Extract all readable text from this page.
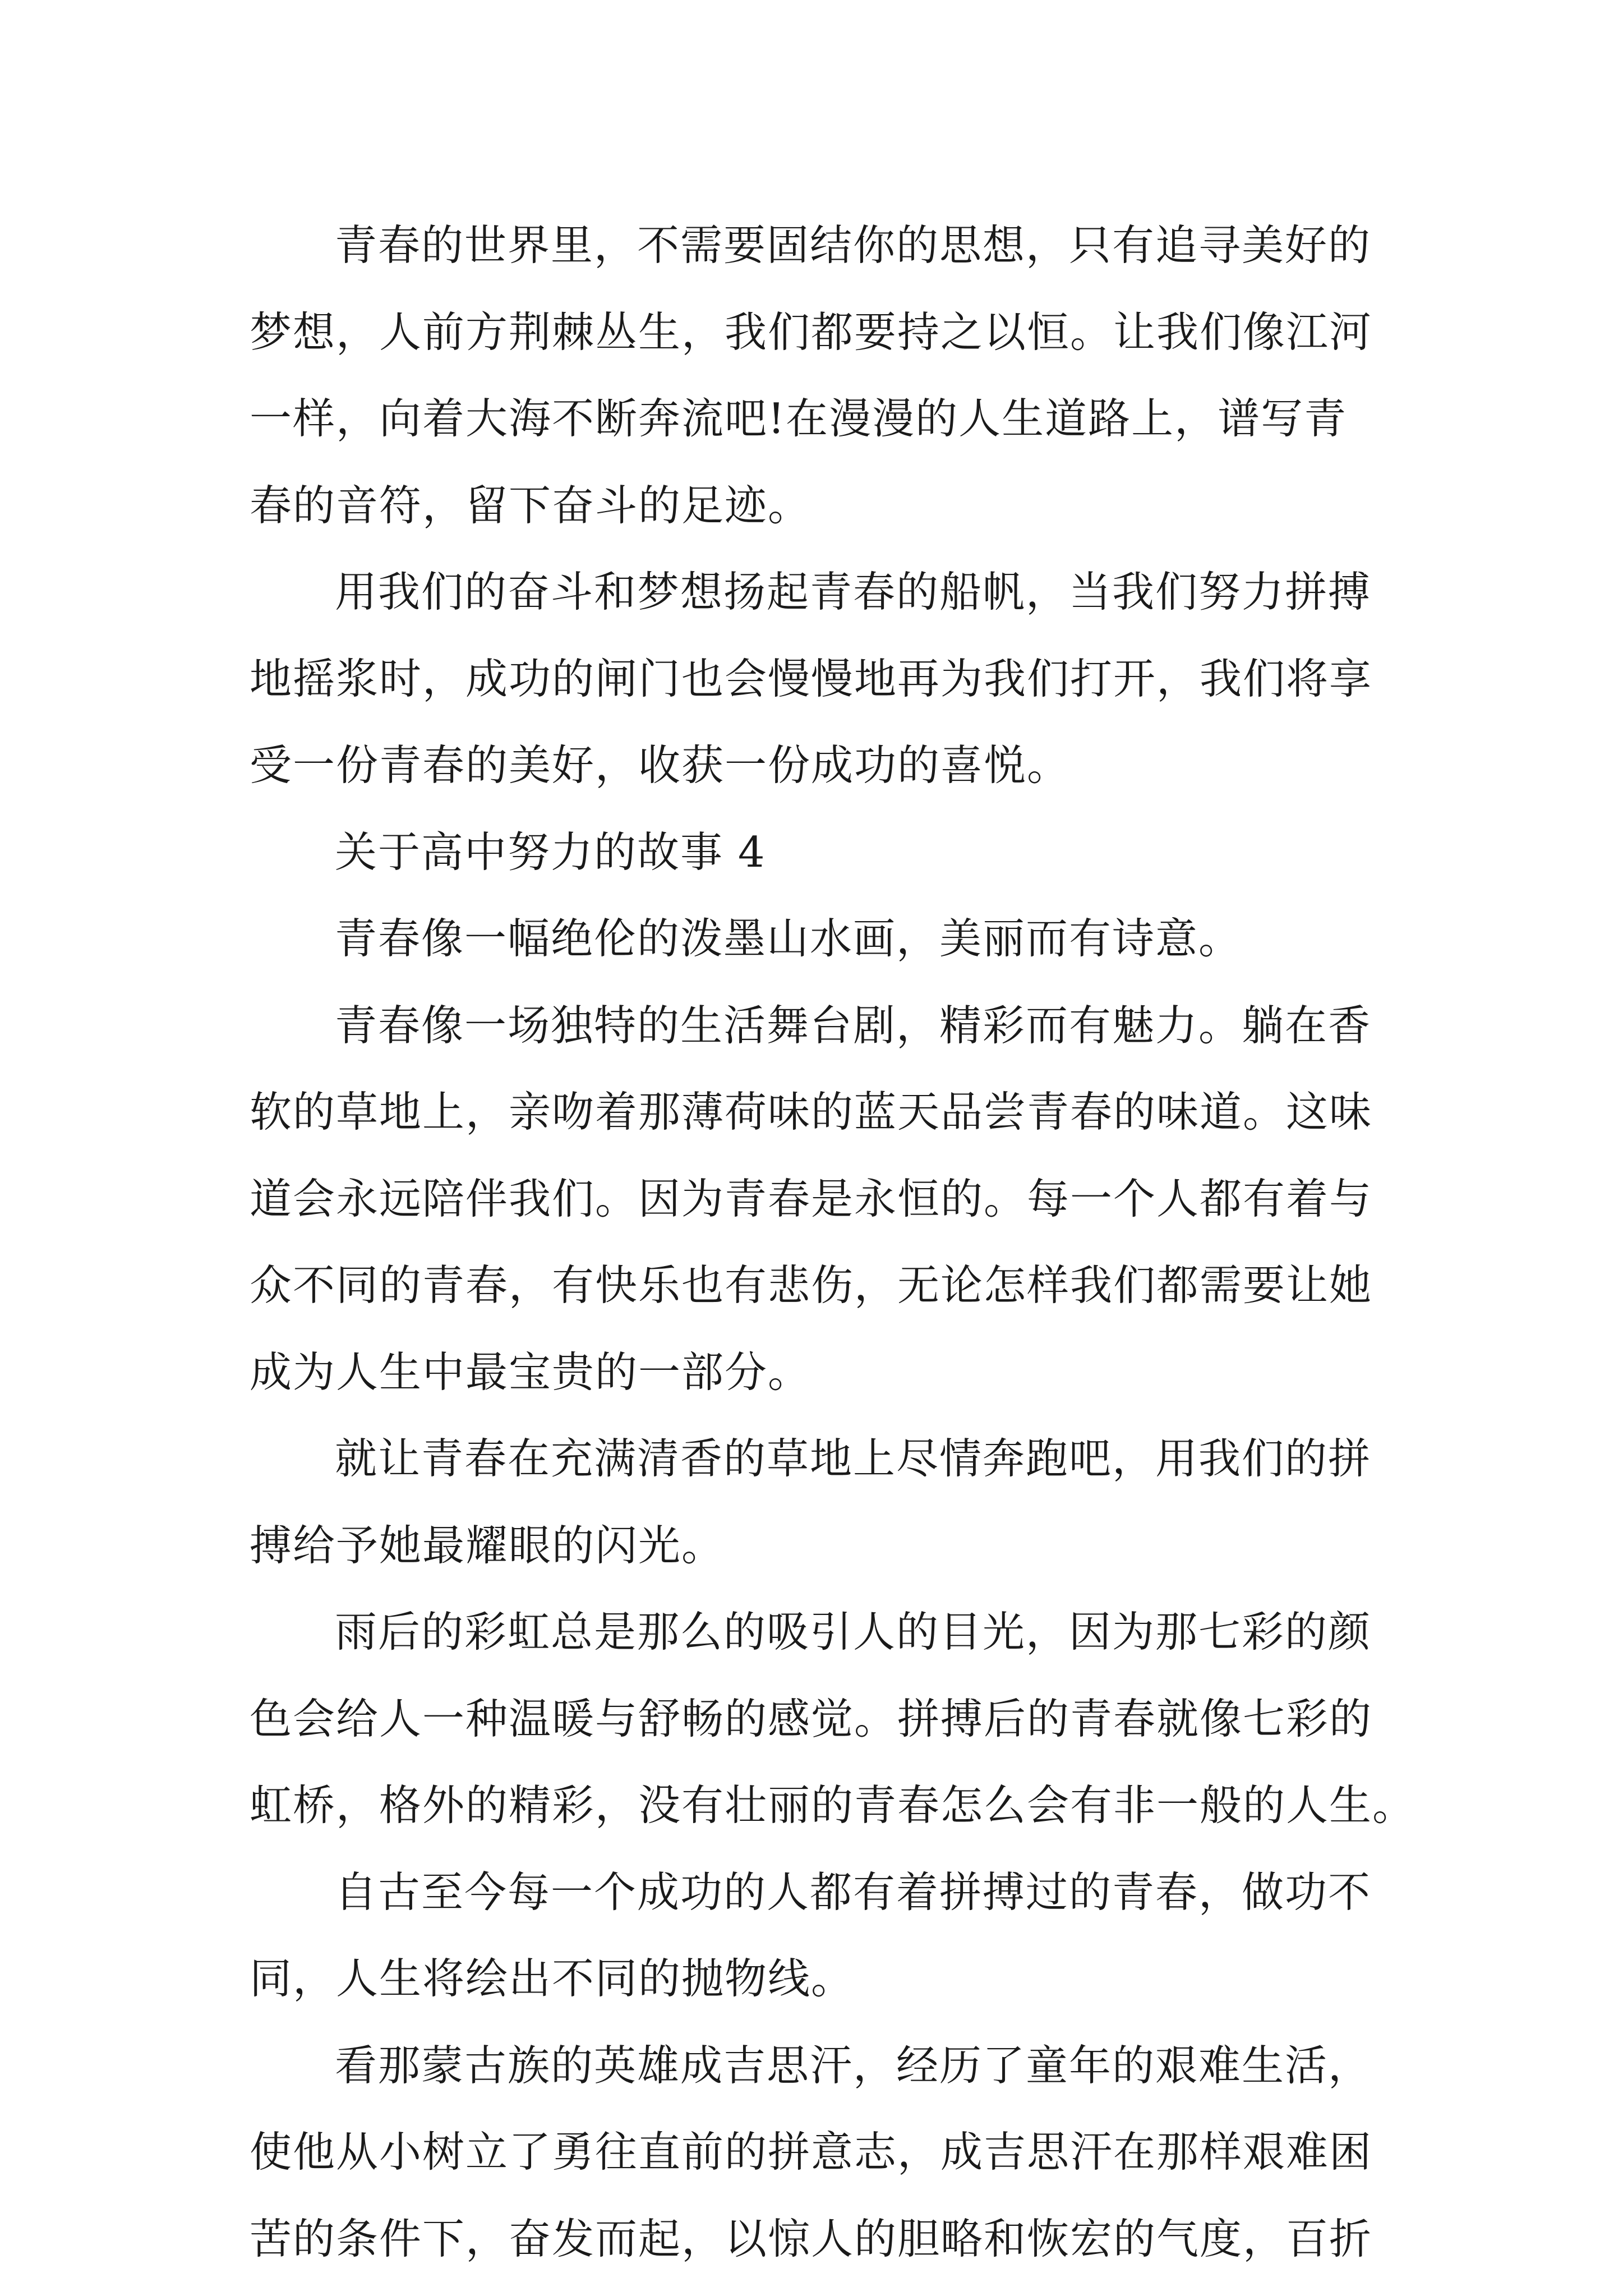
青春的世界里，不需要固结你的思想，只有追寻美好的
梦想，人前方荆棘丛生，我们都要持之以恒。让我们像江河
一样，向着大海不断奔流吧!在漫漫的人生道路上，谱写青
春的音符，留下奋斗的足迹。
用我们的奋斗和梦想扬起青春的船帆，当我们努力拼搏
地摇浆时，成功的闸门也会慢慢地再为我们打开，我们将享
受一份青春的美好，收获一份成功的喜悦。
关于高中努力的故事 4
青春像一幅绝伦的泼墨山水画，美丽而有诗意。
青春像一场独特的生活舞台剧，精彩而有魅力。躺在香
软的草地上，亲吻着那薄荷味的蓝天品尝青春的味道。这味
道会永远陪伴我们。因为青春是永恒的。每一个人都有着与
众不同的青春，有快乐也有悲伤，无论怎样我们都需要让她
成为人生中最宝贵的一部分。
就让青春在充满清香的草地上尽情奔跑吧，用我们的拼
搏给予她最耀眼的闪光。
雨后的彩虹总是那么的吸引人的目光，因为那七彩的颜
色会给人一种温暖与舒畅的感觉。拼搏后的青春就像七彩的
虹桥，格外的精彩，没有壮丽的青春怎么会有非一般的人生。
自古至今每一个成功的人都有着拼搏过的青春，做功不
同，人生将绘出不同的抛物线。
看那蒙古族的英雄成吉思汗，经历了童年的艰难生活，
使他从小树立了勇往直前的拼意志，成吉思汗在那样艰难困
苦的条件下，奋发而起，以惊人的胆略和恢宏的气度，百折
